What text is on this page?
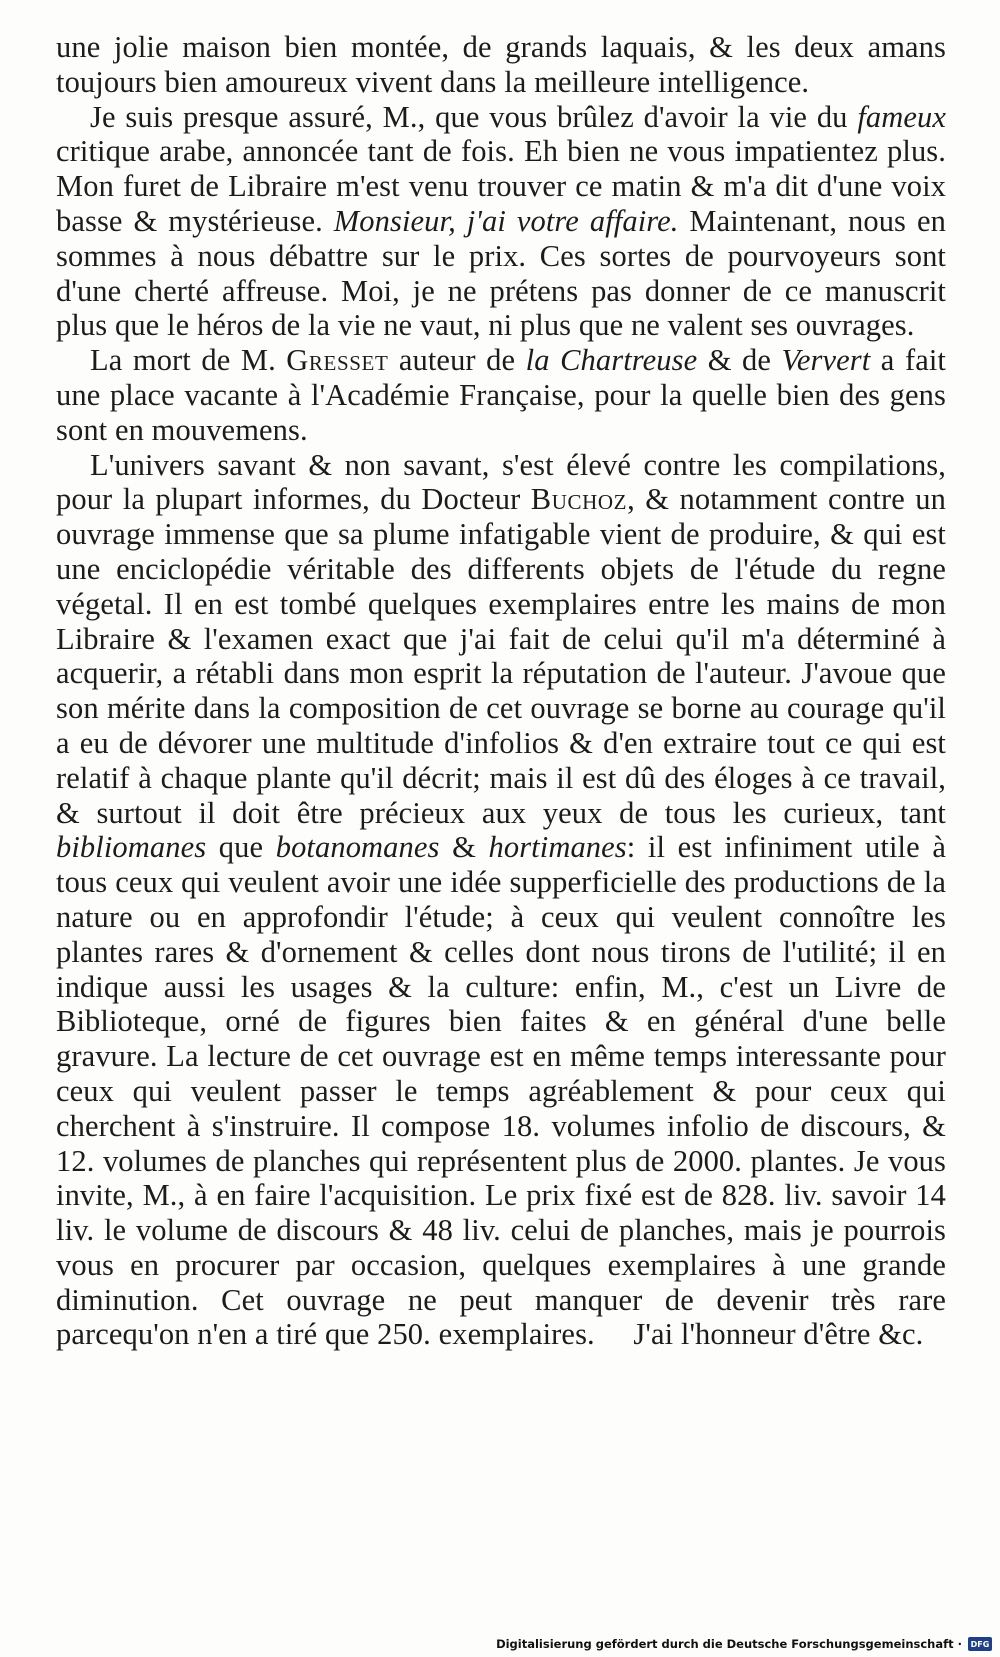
une jolie maison bien montée, de grands laquais, & les deux amans toujours bien amoureux vivent dans la meilleure intelligence.

Je suis presque assuré, M., que vous brûlez d'avoir la vie du fameux critique arabe, annoncée tant de fois. Eh bien ne vous impatientez plus. Mon furet de Libraire m'est venu trouver ce matin & m'a dit d'une voix basse & mystérieuse. Monsieur, j'ai votre affaire. Maintenant, nous en sommes à nous débattre sur le prix. Ces sortes de pourvoyeurs sont d'une cherté affreuse. Moi, je ne prétens pas donner de ce manuscrit plus que le héros de la vie ne vaut, ni plus que ne valent ses ouvrages.

La mort de M. Gresset auteur de la Chartreuse & de Ververt a fait une place vacante à l'Académie Française, pour la quelle bien des gens sont en mouvemens.

L'univers savant & non savant, s'est élevé contre les compilations, pour la plupart informes, du Docteur Buchoz, & notamment contre un ouvrage immense que sa plume infatigable vient de produire, & qui est une enciclopédie véritable des differents objets de l'étude du regne végetal. Il en est tombé quelques exemplaires entre les mains de mon Libraire & l'examen exact que j'ai fait de celui qu'il m'a déterminé à acquerir, a rétabli dans mon esprit la réputation de l'auteur. J'avoue que son mérite dans la composition de cet ouvrage se borne au courage qu'il a eu de dévorer une multitude d'infolios & d'en extraire tout ce qui est relatif à chaque plante qu'il décrit; mais il est dû des éloges à ce travail, & surtout il doit être précieux aux yeux de tous les curieux, tant bibliomanes que botanomanes & hortimanes: il est infiniment utile à tous ceux qui veulent avoir une idée supperficielle des productions de la nature ou en approfondir l'étude; à ceux qui veulent connoître les plantes rares & d'ornement & celles dont nous tirons de l'utilité; il en indique aussi les usages & la culture: enfin, M., c'est un Livre de Biblioteque, orné de figures bien faites & en général d'une belle gravure. La lecture de cet ouvrage est en même temps interessante pour ceux qui veulent passer le temps agréablement & pour ceux qui cherchent à s'instruire. Il compose 18. volumes infolio de discours, & 12. volumes de planches qui représentent plus de 2000. plantes. Je vous invite, M., à en faire l'acquisition. Le prix fixé est de 828. liv. savoir 14 liv. le volume de discours & 48 liv. celui de planches, mais je pourrois vous en procurer par occasion, quelques exemplaires à une grande diminution. Cet ouvrage ne peut manquer de devenir très rare parcequ'on n'en a tiré que 250. exemplaires. J'ai l'honneur d'être &c.

Digitalisierung gefördert durch die Deutsche Forschungsgemeinschaft ·	DFG
